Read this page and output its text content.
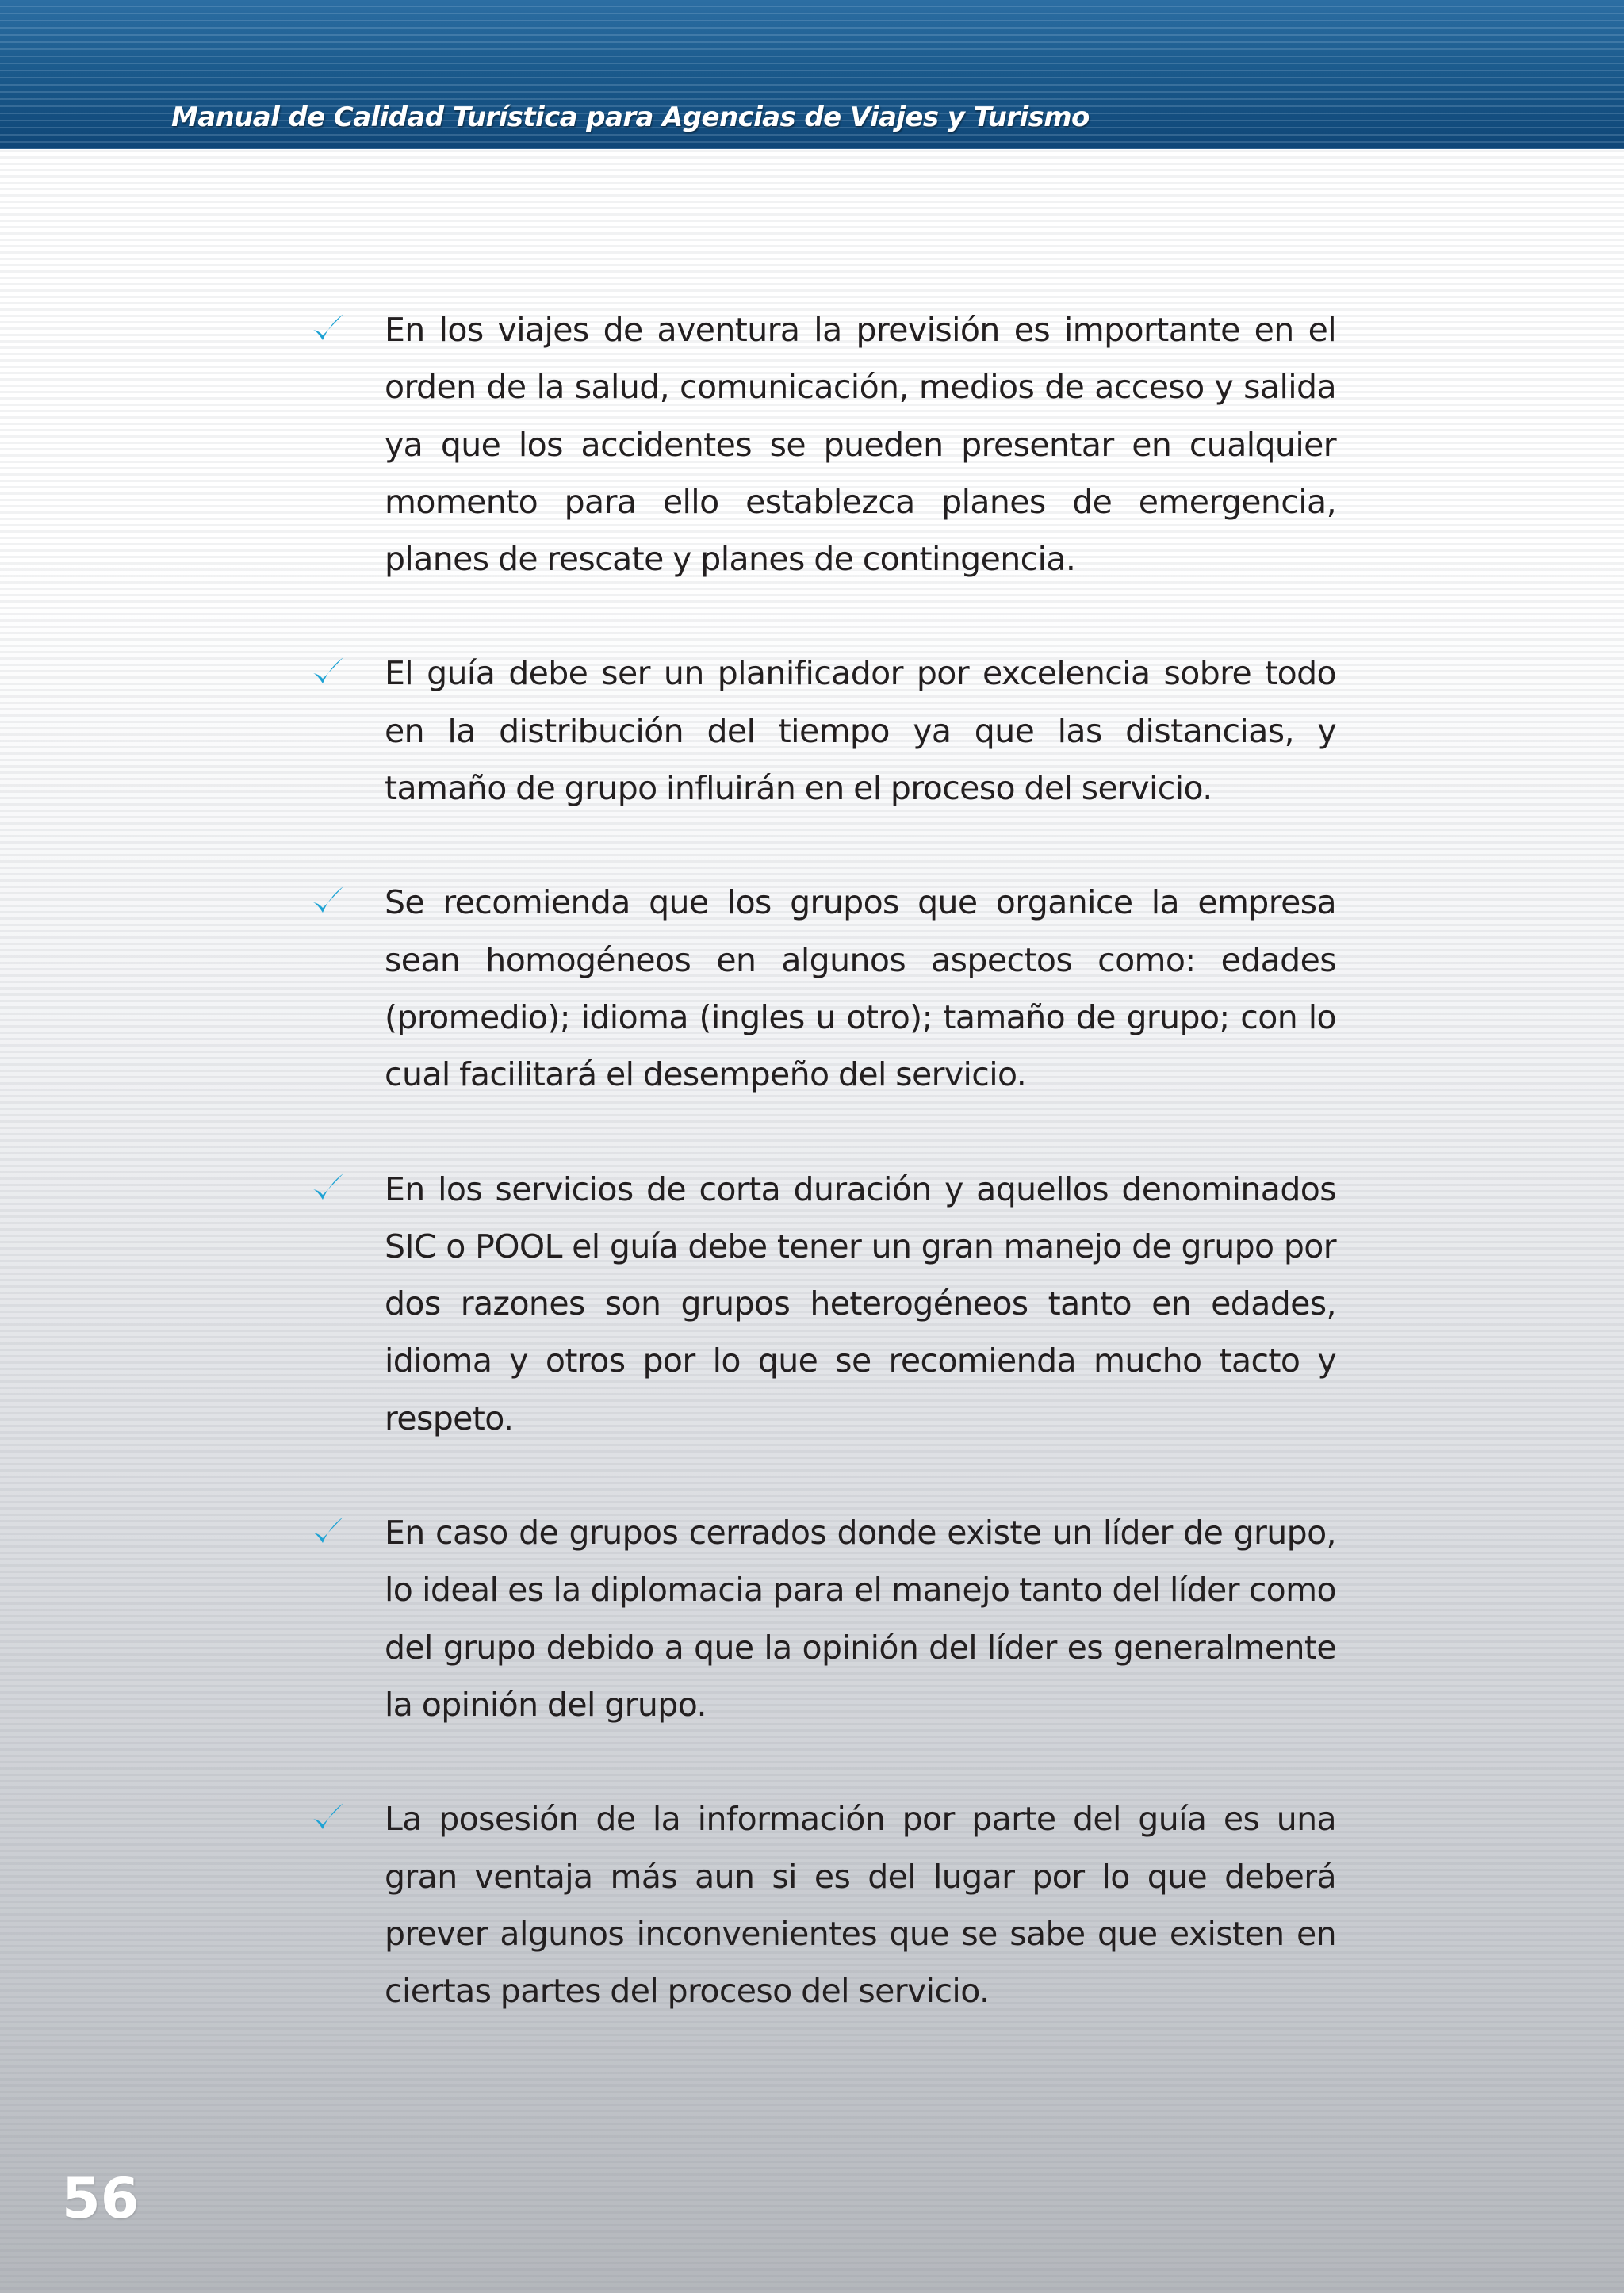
Manual de Calidad Turística para Agencias de Viajes y Turismo

En los viajes de aventura la previsión es importante en el orden de la salud, comunicación, medios de acceso y salida ya que los accidentes se pueden presentar en cualquier momento para ello establezca planes de emergencia, planes de rescate y planes de contingencia.

El guía debe ser un planificador por excelencia sobre todo en la distribución del tiempo ya que las distancias, y tamaño de grupo influirán en el proceso del servicio.

Se recomienda que los grupos que organice la empresa sean homogéneos en algunos aspectos como: edades (promedio); idioma (ingles u otro); tamaño de grupo; con lo cual facilitará el desempeño del servicio.

En los servicios de corta duración y aquellos denominados SIC o POOL el guía debe tener un gran manejo de grupo por dos razones son grupos heterogéneos tanto en edades, idioma y otros por lo que se recomienda mucho tacto y respeto.

En caso de grupos cerrados donde existe un líder de grupo, lo ideal es la diplomacia para el manejo tanto del líder como del grupo debido a que la opinión del líder es generalmente la opinión del grupo.

La posesión de la información por parte del guía es una gran ventaja más aun si es del lugar por lo que deberá prever algunos inconvenientes que se sabe que existen en ciertas partes del proceso del servicio.

56
